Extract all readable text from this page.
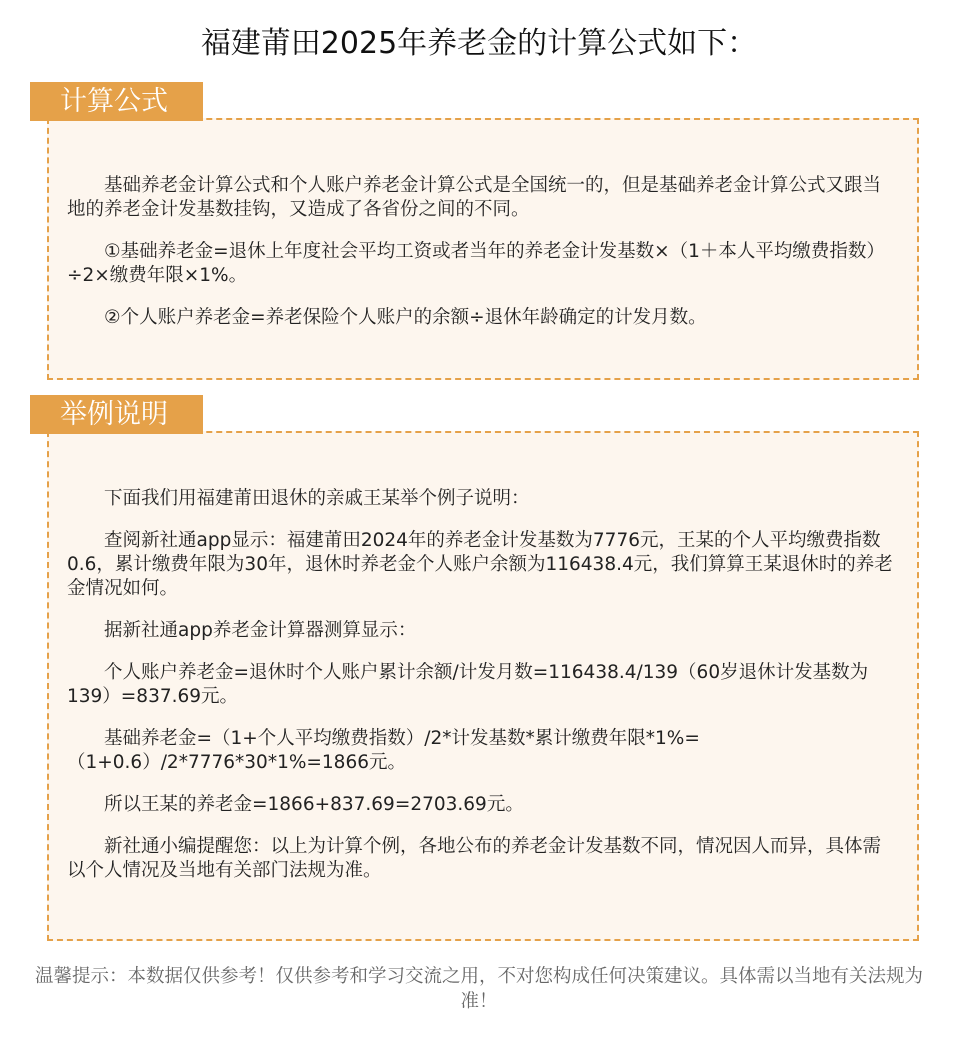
福建莆田2025年养老金的计算公式如下：
计算公式

基础养老金计算公式和个人账户养老金计算公式是全国统一的，但是基础养老金计算公式又跟当地的养老金计发基数挂钩，又造成了各省份之间的不同。

①基础养老金=退休上年度社会平均工资或者当年的养老金计发基数×（1＋本人平均缴费指数）÷2×缴费年限×1%。

②个人账户养老金=养老保险个人账户的余额÷退休年龄确定的计发月数。

举例说明

下面我们用福建莆田退休的亲戚王某举个例子说明：

查阅新社通app显示：福建莆田2024年的养老金计发基数为7776元，王某的个人平均缴费指数0.6，累计缴费年限为30年，退休时养老金个人账户余额为116438.4元，我们算算王某退休时的养老金情况如何。

据新社通app养老金计算器测算显示：

个人账户养老金=退休时个人账户累计余额/计发月数=116438.4/139（60岁退休计发基数为139）=837.69元。

基础养老金=（1+个人平均缴费指数）/2*计发基数*累计缴费年限*1%=（1+0.6）/2*7776*30*1%=1866元。

所以王某的养老金=1866+837.69=2703.69元。

新社通小编提醒您：以上为计算个例，各地公布的养老金计发基数不同，情况因人而异，具体需以个人情况及当地有关部门法规为准。

温馨提示：本数据仅供参考！仅供参考和学习交流之用，不对您构成任何决策建议。具体需以当地有关法规为准！
